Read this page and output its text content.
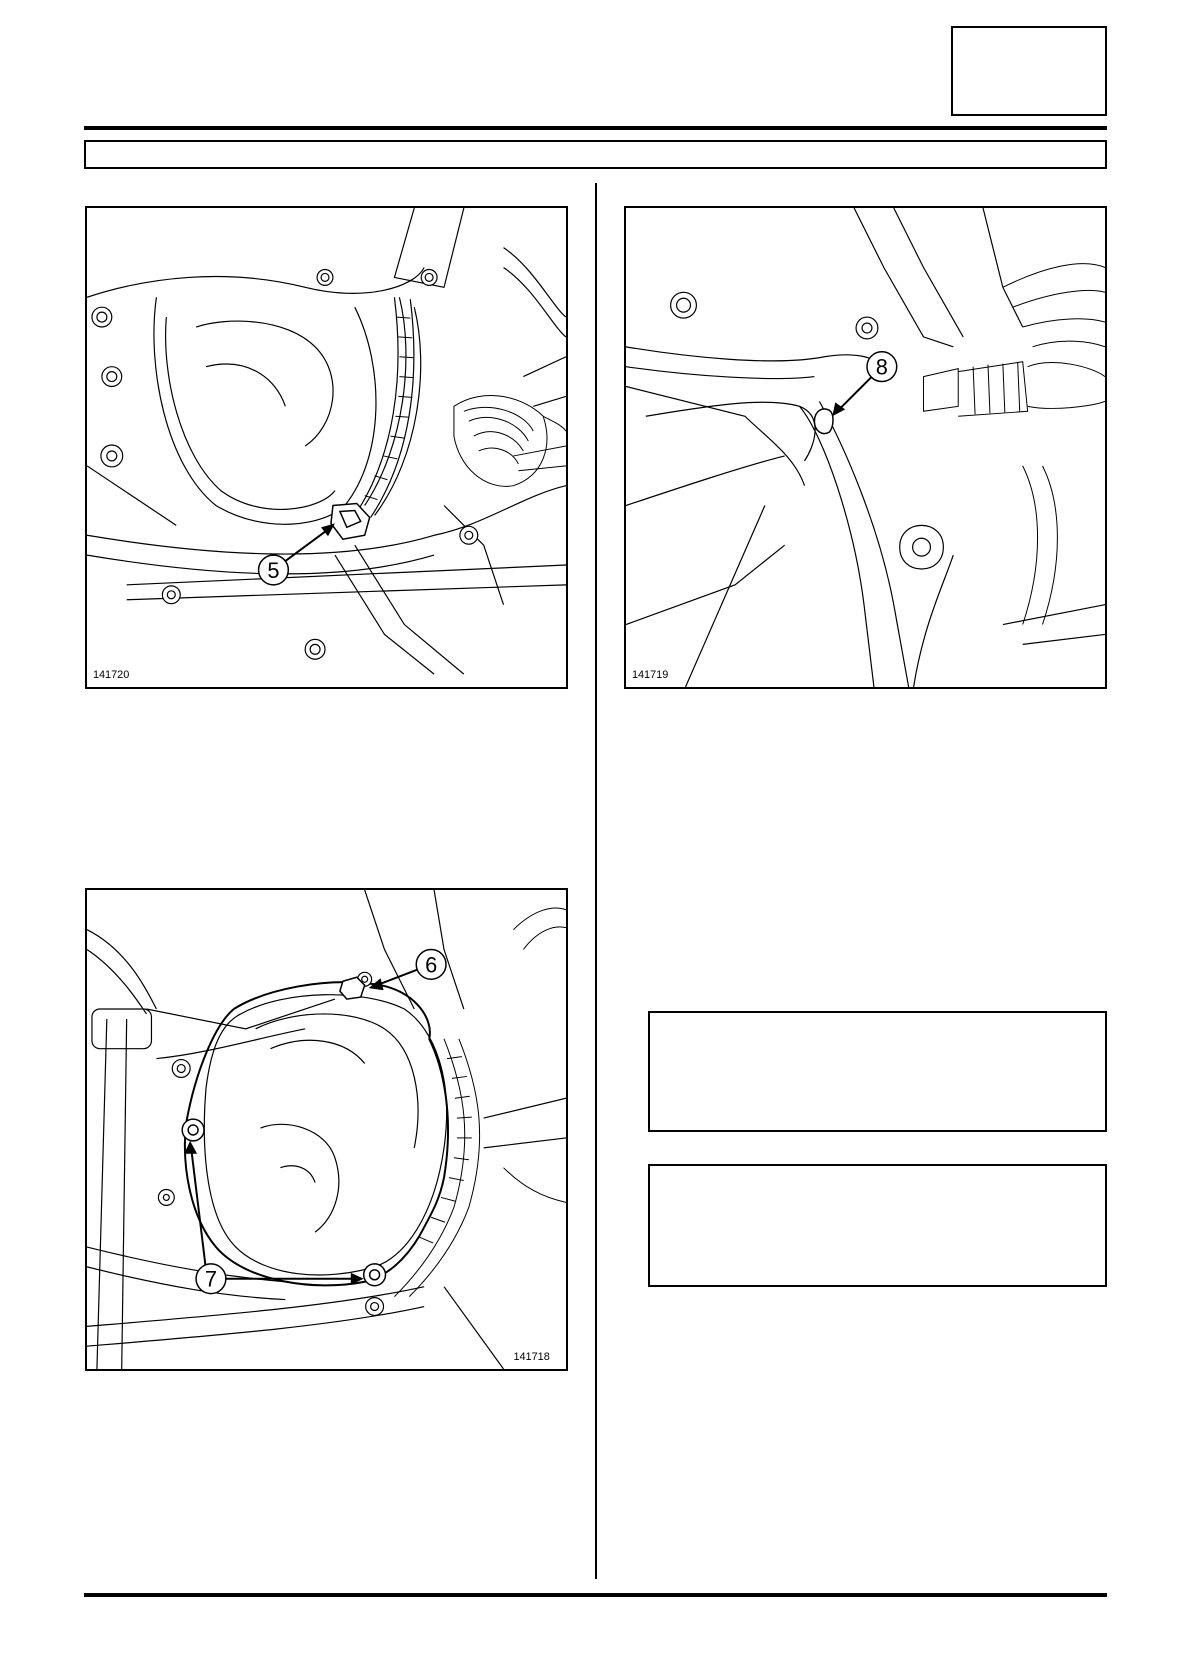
5
141720
8
141719
6
7
141718
